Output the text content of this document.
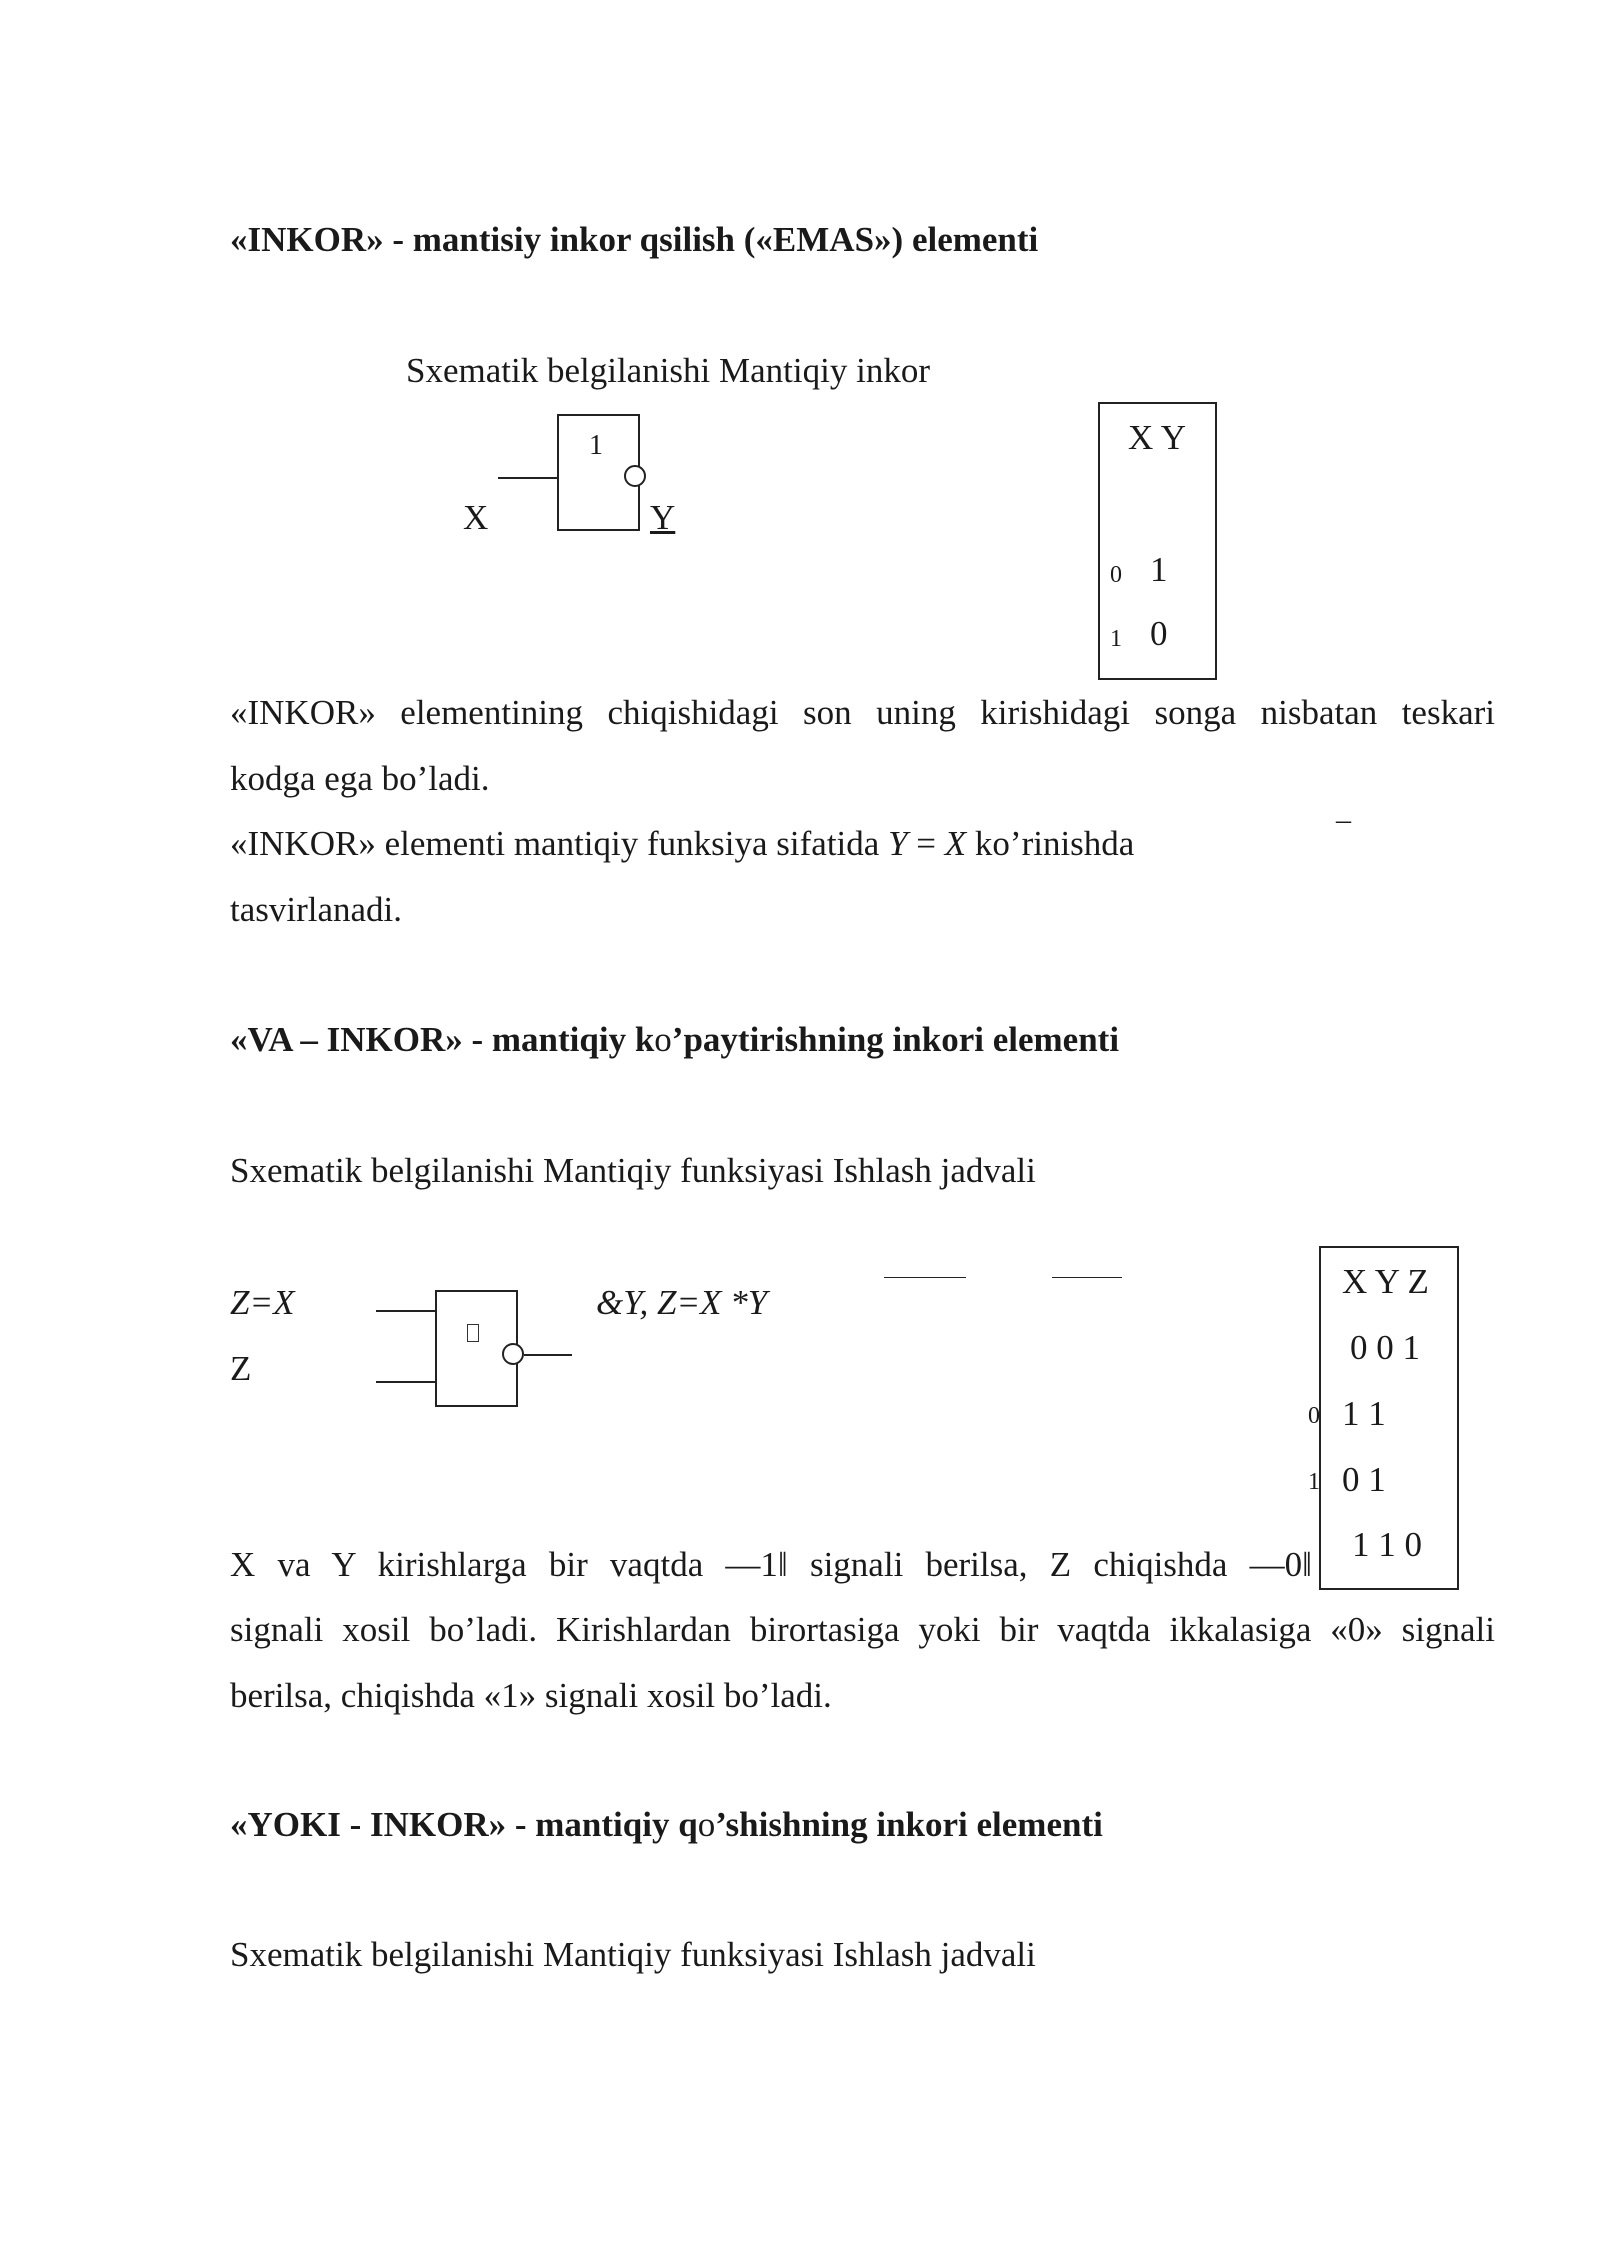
«INKOR» - mantisiy inkor qsilish («EMAS») elementi
Sxematik belgilanishi Mantiqiy inkor
1
X	Y
X Y
0 1
1 0
«INKOR» elementining chiqishidagi son uning kirishidagi songa nisbatan teskari
kodga ega bo’ladi.
«INKOR» elementi mantiqiy funksiya sifatida Y = X ko’rinishda
_
tasvirlanadi.
«VA – INKOR» - mantiqiy ko’paytirishning inkori elementi
Sxematik belgilanishi Mantiqiy funksiyasi Ishlash jadvali
Z=X
Z
&Y, Z=X *Y
X Y Z
0 0 1
0 1 1
1 0 1
1 1 0
X va Y kirishlarga bir vaqtda ―1‖ signali berilsa, Z chiqishda ―0‖
signali xosil bo’ladi. Kirishlardan birortasiga yoki bir vaqtda ikkalasiga «0» signali
berilsa, chiqishda «1» signali xosil bo’ladi.
«YOKI - INKOR» - mantiqiy qo’shishning inkori elementi
Sxematik belgilanishi Mantiqiy funksiyasi Ishlash jadvali
